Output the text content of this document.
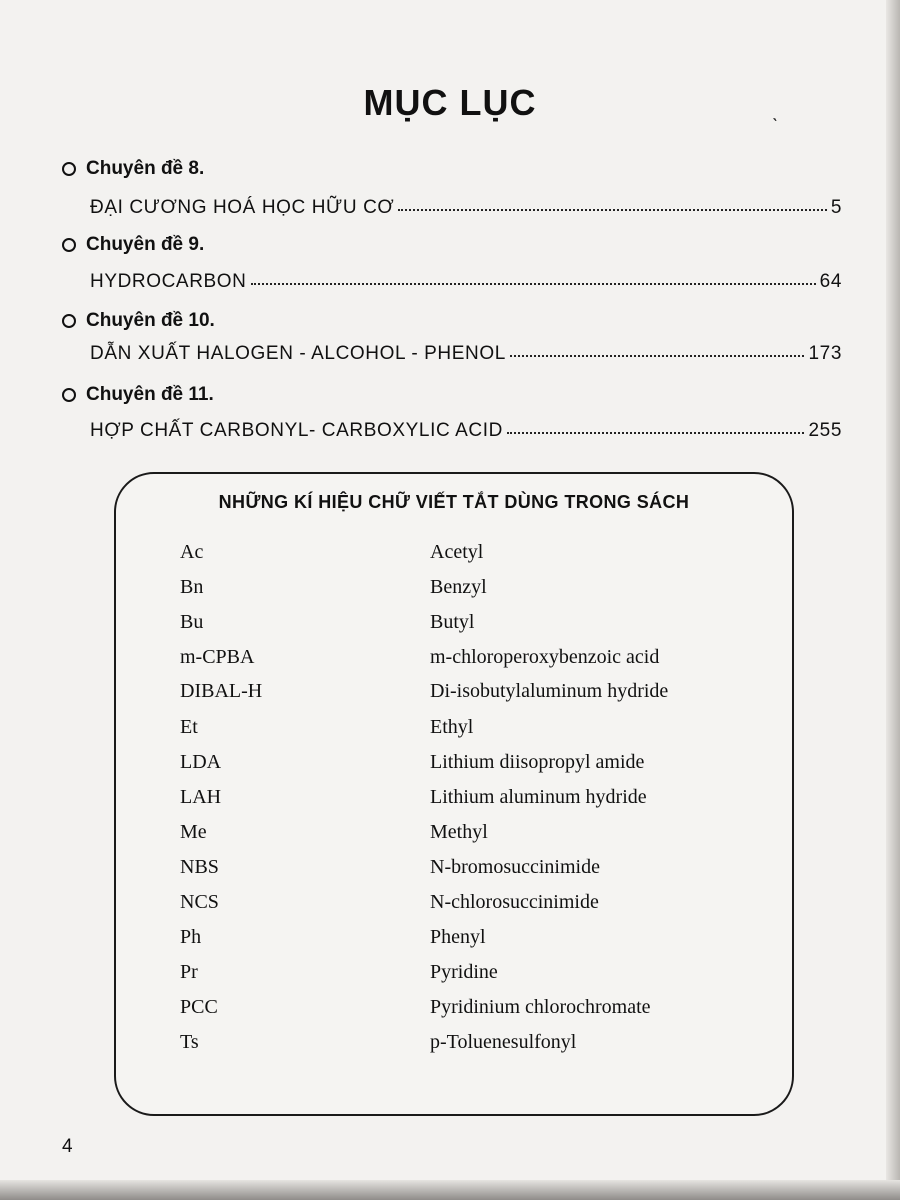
MỤC LỤC	ˎ
Chuyên đề 8.
ĐẠI CƯƠNG HOÁ HỌC HỮU CƠ	5
Chuyên đề 9.
HYDROCARBON	64
Chuyên đề 10.
DẪN XUẤT HALOGEN - ALCOHOL - PHENOL	173
Chuyên đề 11.
HỢP CHẤT CARBONYL- CARBOXYLIC ACID	255
NHỮNG KÍ HIỆU CHỮ VIẾT TẮT DÙNG TRONG SÁCH
Ac	Acetyl
Bn	Benzyl
Bu	Butyl
m-CPBA	m-chloroperoxybenzoic acid
DIBAL-H	Di-isobutylaluminum hydride
Et	Ethyl
LDA	Lithium diisopropyl amide
LAH	Lithium aluminum hydride
Me	Methyl
NBS	N-bromosuccinimide
NCS	N-chlorosuccinimide
Ph	Phenyl
Pr	Pyridine
PCC	Pyridinium chlorochromate
Ts	p-Toluenesulfonyl
4
